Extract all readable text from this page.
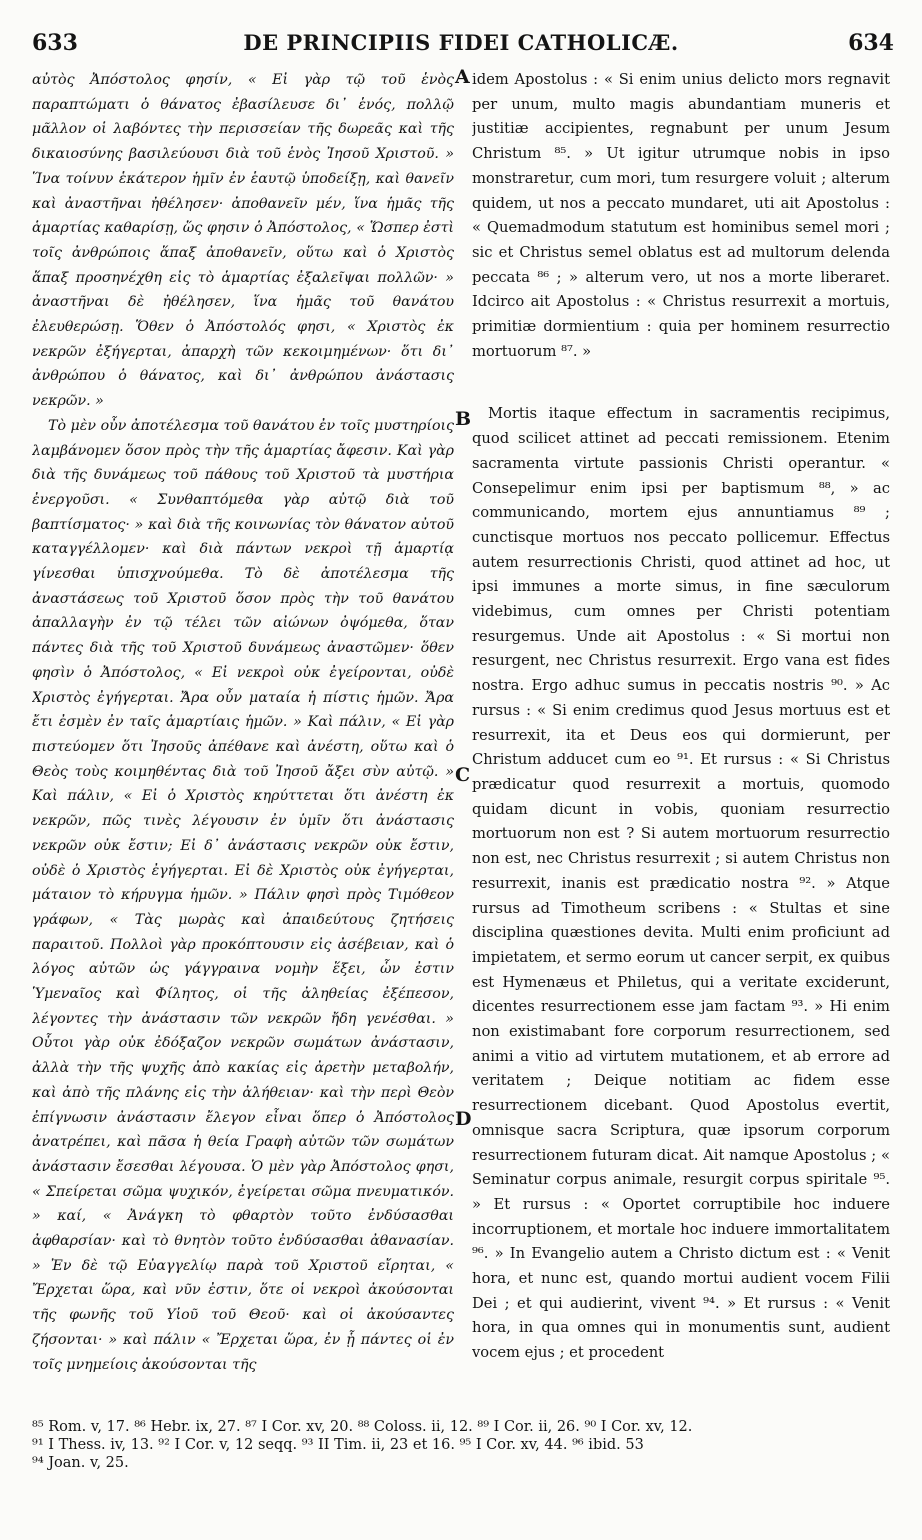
633	DE PRINCIPIIS FIDEI CATHOLICÆ.	634

αὐτὸς Ἀπόστολος φησίν, « Εἰ γὰρ τῷ τοῦ ἑνὸς παραπτώματι ὁ θάνατος ἐβασίλευσε δι᾽ ἑνός, πολλῷ μᾶλλον οἱ λαβόντες τὴν περισσείαν τῆς δωρεᾶς καὶ τῆς δικαιοσύνης βασιλεύουσι διὰ τοῦ ἑνὸς Ἰησοῦ Χριστοῦ. » Ἵνα τοίνυν ἑκάτερον ἡμῖν ἐν ἑαυτῷ ὑποδείξῃ, καὶ θανεῖν καὶ ἀναστῆναι ἠθέλησεν· ἀποθανεῖν μέν, ἵνα ἡμᾶς τῆς ἁμαρτίας καθαρίσῃ, ὥς φησιν ὁ Ἀπόστολος, « Ὥσπερ ἐστὶ τοῖς ἀνθρώποις ἅπαξ ἀποθανεῖν, οὕτω καὶ ὁ Χριστὸς ἅπαξ προσηνέχθη εἰς τὸ ἁμαρτίας ἐξαλεῖψαι πολλῶν· » ἀναστῆναι δὲ ἠθέλησεν, ἵνα ἡμᾶς τοῦ θανάτου ἐλευθερώσῃ. Ὅθεν ὁ Ἀπόστολός φησι, « Χριστὸς ἐκ νεκρῶν ἐξήγερται, ἀπαρχὴ τῶν κεκοιμημένων· ὅτι δι᾽ ἀνθρώπου ὁ θάνατος, καὶ δι᾽ ἀνθρώπου ἀνάστασις νεκρῶν. »

Τὸ μὲν οὖν ἀποτέλεσμα τοῦ θανάτου ἐν τοῖς μυστηρίοις λαμβάνομεν ὅσον πρὸς τὴν τῆς ἁμαρτίας ἄφεσιν. Καὶ γὰρ διὰ τῆς δυνάμεως τοῦ πάθους τοῦ Χριστοῦ τὰ μυστήρια ἐνεργοῦσι. « Συνθαπτόμεθα γὰρ αὐτῷ διὰ τοῦ βαπτίσματος· » καὶ διὰ τῆς κοινωνίας τὸν θάνατον αὐτοῦ καταγγέλλομεν· καὶ διὰ πάντων νεκροὶ τῇ ἁμαρτίᾳ γίνεσθαι ὑπισχνούμεθα. Τὸ δὲ ἀποτέλεσμα τῆς ἀναστάσεως τοῦ Χριστοῦ ὅσον πρὸς τὴν τοῦ θανάτου ἀπαλλαγὴν ἐν τῷ τέλει τῶν αἰώνων ὀψόμεθα, ὅταν πάντες διὰ τῆς τοῦ Χριστοῦ δυνάμεως ἀναστῶμεν· ὅθεν φησὶν ὁ Ἀπόστολος, « Εἰ νεκροὶ οὐκ ἐγείρονται, οὐδὲ Χριστὸς ἐγήγερται. Ἄρα οὖν ματαία ἡ πίστις ἡμῶν. Ἄρα ἔτι ἐσμὲν ἐν ταῖς ἁμαρτίαις ἡμῶν. » Καὶ πάλιν, « Εἰ γὰρ πιστεύομεν ὅτι Ἰησοῦς ἀπέθανε καὶ ἀνέστη, οὕτω καὶ ὁ Θεὸς τοὺς κοιμηθέντας διὰ τοῦ Ἰησοῦ ἄξει σὺν αὐτῷ. » Καὶ πάλιν, « Εἰ ὁ Χριστὸς κηρύττεται ὅτι ἀνέστη ἐκ νεκρῶν, πῶς τινὲς λέγουσιν ἐν ὑμῖν ὅτι ἀνάστασις νεκρῶν οὐκ ἔστιν; Εἰ δ᾽ ἀνάστασις νεκρῶν οὐκ ἔστιν, οὐδὲ ὁ Χριστὸς ἐγήγερται. Εἰ δὲ Χριστὸς οὐκ ἐγήγερται, μάταιον τὸ κήρυγμα ἡμῶν. » Πάλιν φησὶ πρὸς Τιμόθεον γράφων, « Τὰς μωρὰς καὶ ἀπαιδεύτους ζητήσεις παραιτοῦ. Πολλοὶ γὰρ προκόπτουσιν εἰς ἀσέβειαν, καὶ ὁ λόγος αὐτῶν ὡς γάγγραινα νομὴν ἕξει, ὧν ἐστιν Ὑμεναῖος καὶ Φίλητος, οἱ τῆς ἀληθείας ἐξέπεσον, λέγοντες τὴν ἀνάστασιν τῶν νεκρῶν ἤδη γενέσθαι. » Οὗτοι γὰρ οὐκ ἐδόξαζον νεκρῶν σωμάτων ἀνάστασιν, ἀλλὰ τὴν τῆς ψυχῆς ἀπὸ κακίας εἰς ἀρετὴν μεταβολήν, καὶ ἀπὸ τῆς πλάνης εἰς τὴν ἀλήθειαν· καὶ τὴν περὶ Θεὸν ἐπίγνωσιν ἀνάστασιν ἔλεγον εἶναι ὅπερ ὁ Ἀπόστολος ἀνατρέπει, καὶ πᾶσα ἡ θεία Γραφὴ αὐτῶν τῶν σωμάτων ἀνάστασιν ἔσεσθαι λέγουσα. Ὁ μὲν γὰρ Ἀπόστολος φησι, « Σπείρεται σῶμα ψυχικόν, ἐγείρεται σῶμα πνευματικόν. » καί, « Ἀνάγκη τὸ φθαρτὸν τοῦτο ἐνδύσασθαι ἀφθαρσίαν· καὶ τὸ θνητὸν τοῦτο ἐνδύσασθαι ἀθανασίαν. » Ἐν δὲ τῷ Εὐαγγελίῳ παρὰ τοῦ Χριστοῦ εἴρηται, « Ἔρχεται ὥρα, καὶ νῦν ἐστιν, ὅτε οἱ νεκροὶ ἀκούσονται τῆς φωνῆς τοῦ Υἱοῦ τοῦ Θεοῦ· καὶ οἱ ἀκούσαντες ζήσονται· » καὶ πάλιν « Ἔρχεται ὥρα, ἐν ᾗ πάντες οἱ ἐν τοῖς μνημείοις ἀκούσονται τῆς

A
B
C
D

idem Apostolus : « Si enim unius delicto mors regnavit per unum, multo magis abundantiam muneris et justitiæ accipientes, regnabunt per unum Jesum Christum ⁸⁵. » Ut igitur utrumque nobis in ipso monstraretur, cum mori, tum resurgere voluit ; alterum quidem, ut nos a peccato mundaret, uti ait Apostolus : « Quemadmodum statutum est hominibus semel mori ; sic et Christus semel oblatus est ad multorum delenda peccata ⁸⁶ ; » alterum vero, ut nos a morte liberaret. Idcirco ait Apostolus : « Christus resurrexit a mortuis, primitiæ dormientium : quia per hominem resurrectio mortuorum ⁸⁷. »

Mortis itaque effectum in sacramentis recipimus, quod scilicet attinet ad peccati remissionem. Etenim sacramenta virtute passionis Christi operantur. « Consepelimur enim ipsi per baptismum ⁸⁸, » ac communicando, mortem ejus annuntiamus ⁸⁹ ; cunctisque mortuos nos peccato pollicemur. Effectus autem resurrectionis Christi, quod attinet ad hoc, ut ipsi immunes a morte simus, in fine sæculorum videbimus, cum omnes per Christi potentiam resurgemus. Unde ait Apostolus : « Si mortui non resurgent, nec Christus resurrexit. Ergo vana est fides nostra. Ergo adhuc sumus in peccatis nostris ⁹⁰. » Ac rursus : « Si enim credimus quod Jesus mortuus est et resurrexit, ita et Deus eos qui dormierunt, per Christum adducet cum eo ⁹¹. Et rursus : « Si Christus prædicatur quod resurrexit a mortuis, quomodo quidam dicunt in vobis, quoniam resurrectio mortuorum non est ? Si autem mortuorum resurrectio non est, nec Christus resurrexit ; si autem Christus non resurrexit, inanis est prædicatio nostra ⁹². » Atque rursus ad Timotheum scribens : « Stultas et sine disciplina quæstiones devita. Multi enim proficiunt ad impietatem, et sermo eorum ut cancer serpit, ex quibus est Hymenæus et Philetus, qui a veritate exciderunt, dicentes resurrectionem esse jam factam ⁹³. » Hi enim non existimabant fore corporum resurrectionem, sed animi a vitio ad virtutem mutationem, et ab errore ad veritatem ; Deique notitiam ac fidem esse resurrectionem dicebant. Quod Apostolus evertit, omnisque sacra Scriptura, quæ ipsorum corporum resurrectionem futuram dicat. Ait namque Apostolus ; « Seminatur corpus animale, resurgit corpus spiritale ⁹⁵. » Et rursus : « Oportet corruptibile hoc induere incorruptionem, et mortale hoc induere immortalitatem ⁹⁶. » In Evangelio autem a Christo dictum est : « Venit hora, et nunc est, quando mortui audient vocem Filii Dei ; et qui audierint, vivent ⁹⁴. » Et rursus : « Venit hora, in qua omnes qui in monumentis sunt, audient vocem ejus ; et procedent

⁸⁵ Rom. v, 17. ⁸⁶ Hebr. ix, 27. ⁸⁷ I Cor. xv, 20. ⁸⁸ Coloss. ii, 12. ⁸⁹ I Cor. ii, 26. ⁹⁰ I Cor. xv, 12.
⁹¹ I Thess. iv, 13. ⁹² I Cor. v, 12 seqq. ⁹³ II Tim. ii, 23 et 16. ⁹⁵ I Cor. xv, 44. ⁹⁶ ibid. 53
⁹⁴ Joan. v, 25.
